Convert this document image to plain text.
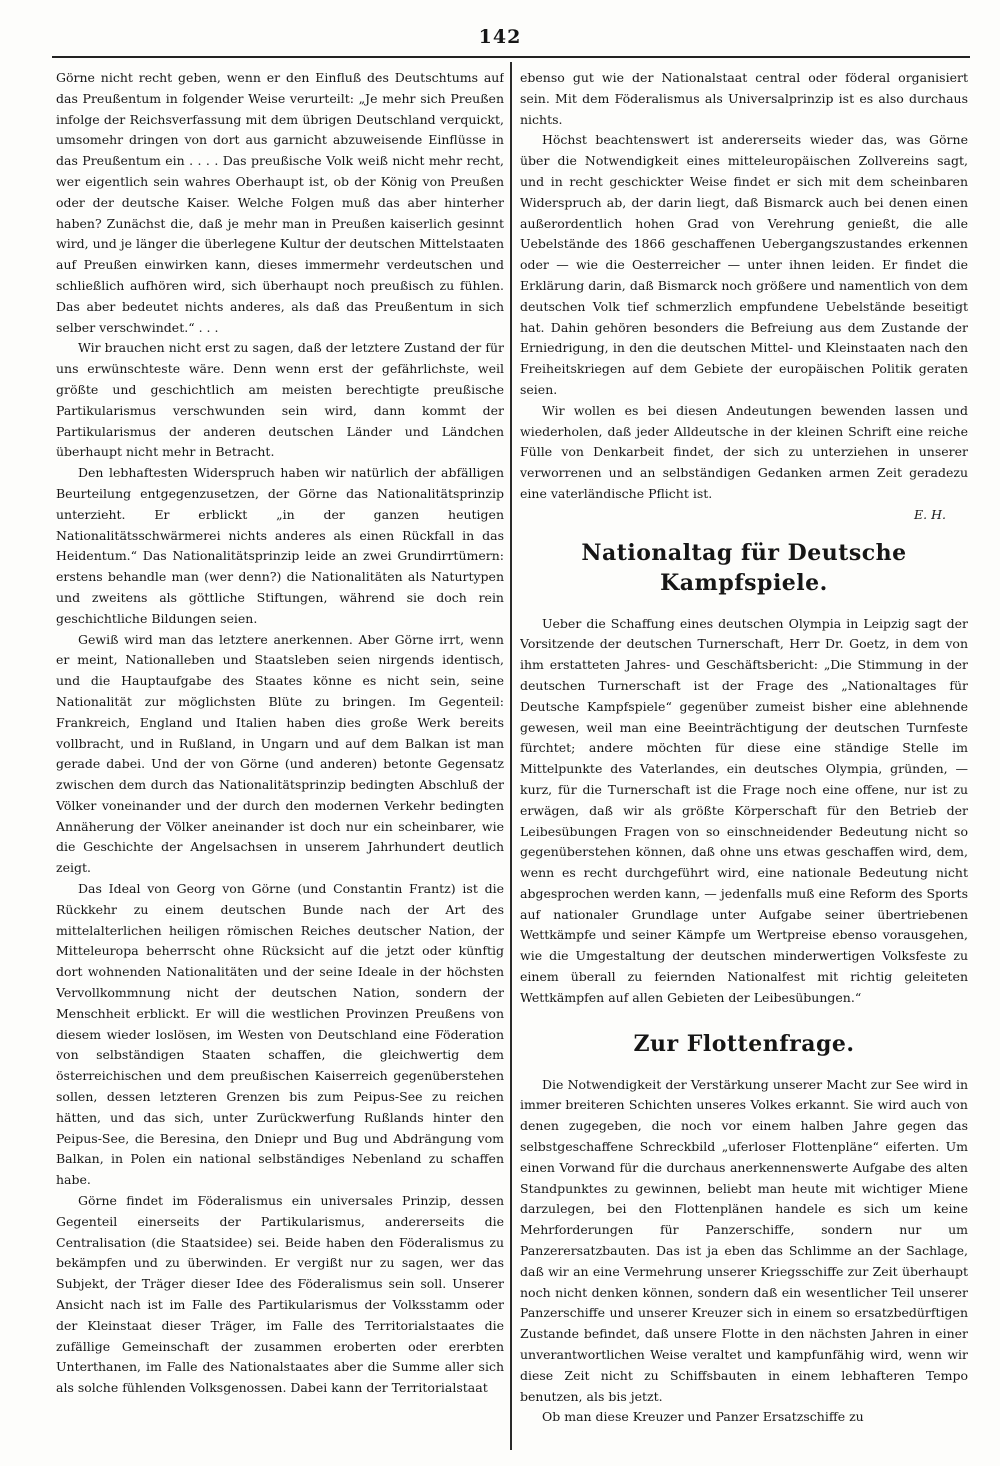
142

Görne nicht recht geben, wenn er den Einfluß des Deutschtums auf das Preußentum in folgender Weise verurteilt: „Je mehr sich Preußen infolge der Reichsverfassung mit dem übrigen Deutschland verquickt, umsomehr dringen von dort aus garnicht abzuweisende Einflüsse in das Preußentum ein . . . . Das preußische Volk weiß nicht mehr recht, wer eigentlich sein wahres Oberhaupt ist, ob der König von Preußen oder der deutsche Kaiser. Welche Folgen muß das aber hinterher haben? Zunächst die, daß je mehr man in Preußen kaiserlich gesinnt wird, und je länger die überlegene Kultur der deutschen Mittelstaaten auf Preußen einwirken kann, dieses immermehr verdeutschen und schließlich aufhören wird, sich überhaupt noch preußisch zu fühlen. Das aber bedeutet nichts anderes, als daß das Preußentum in sich selber verschwindet.“ . . .

Wir brauchen nicht erst zu sagen, daß der letztere Zustand der für uns erwünschteste wäre. Denn wenn erst der gefährlichste, weil größte und geschichtlich am meisten berechtigte preußische Partikularismus verschwunden sein wird, dann kommt der Partikularismus der anderen deutschen Länder und Ländchen überhaupt nicht mehr in Betracht.

Den lebhaftesten Widerspruch haben wir natürlich der abfälligen Beurteilung entgegenzusetzen, der Görne das Nationalitätsprinzip unterzieht. Er erblickt „in der ganzen heutigen Nationalitätsschwärmerei nichts anderes als einen Rückfall in das Heidentum.“ Das Nationalitätsprinzip leide an zwei Grundirrtümern: erstens behandle man (wer denn?) die Nationalitäten als Naturtypen und zweitens als göttliche Stiftungen, während sie doch rein geschichtliche Bildungen seien.

Gewiß wird man das letztere anerkennen. Aber Görne irrt, wenn er meint, Nationalleben und Staatsleben seien nirgends identisch, und die Hauptaufgabe des Staates könne es nicht sein, seine Nationalität zur möglichsten Blüte zu bringen. Im Gegenteil: Frankreich, England und Italien haben dies große Werk bereits vollbracht, und in Rußland, in Ungarn und auf dem Balkan ist man gerade dabei. Und der von Görne (und anderen) betonte Gegensatz zwischen dem durch das Nationalitätsprinzip bedingten Abschluß der Völker voneinander und der durch den modernen Verkehr bedingten Annäherung der Völker aneinander ist doch nur ein scheinbarer, wie die Geschichte der Angelsachsen in unserem Jahrhundert deutlich zeigt.

Das Ideal von Georg von Görne (und Constantin Frantz) ist die Rückkehr zu einem deutschen Bunde nach der Art des mittelalterlichen heiligen römischen Reiches deutscher Nation, der Mitteleuropa beherrscht ohne Rücksicht auf die jetzt oder künftig dort wohnenden Nationalitäten und der seine Ideale in der höchsten Vervollkommnung nicht der deutschen Nation, sondern der Menschheit erblickt. Er will die westlichen Provinzen Preußens von diesem wieder loslösen, im Westen von Deutschland eine Föderation von selbständigen Staaten schaffen, die gleichwertig dem österreichischen und dem preußischen Kaiserreich gegenüberstehen sollen, dessen letzteren Grenzen bis zum Peipus-See zu reichen hätten, und das sich, unter Zurückwerfung Rußlands hinter den Peipus-See, die Beresina, den Dniepr und Bug und Abdrängung vom Balkan, in Polen ein national selbständiges Nebenland zu schaffen habe.

Görne findet im Föderalismus ein universales Prinzip, dessen Gegenteil einerseits der Partikularismus, andererseits die Centralisation (die Staatsidee) sei. Beide haben den Föderalismus zu bekämpfen und zu überwinden. Er vergißt nur zu sagen, wer das Subjekt, der Träger dieser Idee des Föderalismus sein soll. Unserer Ansicht nach ist im Falle des Partikularismus der Volksstamm oder der Kleinstaat dieser Träger, im Falle des Territorialstaates die zufällige Gemeinschaft der zusammen eroberten oder ererbten Unterthanen, im Falle des Nationalstaates aber die Summe aller sich als solche fühlenden Volksgenossen. Dabei kann der Territorialstaat

ebenso gut wie der Nationalstaat central oder föderal organisiert sein. Mit dem Föderalismus als Universalprinzip ist es also durchaus nichts.

Höchst beachtenswert ist andererseits wieder das, was Görne über die Notwendigkeit eines mitteleuropäischen Zollvereins sagt, und in recht geschickter Weise findet er sich mit dem scheinbaren Widerspruch ab, der darin liegt, daß Bismarck auch bei denen einen außerordentlich hohen Grad von Verehrung genießt, die alle Uebelstände des 1866 geschaffenen Uebergangszustandes erkennen oder — wie die Oesterreicher — unter ihnen leiden. Er findet die Erklärung darin, daß Bismarck noch größere und namentlich von dem deutschen Volk tief schmerzlich empfundene Uebelstände beseitigt hat. Dahin gehören besonders die Befreiung aus dem Zustande der Erniedrigung, in den die deutschen Mittel- und Kleinstaaten nach den Freiheitskriegen auf dem Gebiete der europäischen Politik geraten seien.

Wir wollen es bei diesen Andeutungen bewenden lassen und wiederholen, daß jeder Alldeutsche in der kleinen Schrift eine reiche Fülle von Denkarbeit findet, der sich zu unterziehen in unserer verworrenen und an selbständigen Gedanken armen Zeit geradezu eine vaterländische Pflicht ist.

E. H.
Nationaltag für Deutsche Kampfspiele.

Ueber die Schaffung eines deutschen Olympia in Leipzig sagt der Vorsitzende der deutschen Turnerschaft, Herr Dr. Goetz, in dem von ihm erstatteten Jahres- und Geschäftsbericht: „Die Stimmung in der deutschen Turnerschaft ist der Frage des „Nationaltages für Deutsche Kampfspiele“ gegenüber zumeist bisher eine ablehnende gewesen, weil man eine Beeinträchtigung der deutschen Turnfeste fürchtet; andere möchten für diese eine ständige Stelle im Mittelpunkte des Vaterlandes, ein deutsches Olympia, gründen, — kurz, für die Turnerschaft ist die Frage noch eine offene, nur ist zu erwägen, daß wir als größte Körperschaft für den Betrieb der Leibesübungen Fragen von so einschneidender Bedeutung nicht so gegenüberstehen können, daß ohne uns etwas geschaffen wird, dem, wenn es recht durchgeführt wird, eine nationale Bedeutung nicht abgesprochen werden kann, — jedenfalls muß eine Reform des Sports auf nationaler Grundlage unter Aufgabe seiner übertriebenen Wettkämpfe und seiner Kämpfe um Wertpreise ebenso vorausgehen, wie die Umgestaltung der deutschen minderwertigen Volksfeste zu einem überall zu feiernden Nationalfest mit richtig geleiteten Wettkämpfen auf allen Gebieten der Leibesübungen.“

Zur Flottenfrage.

Die Notwendigkeit der Verstärkung unserer Macht zur See wird in immer breiteren Schichten unseres Volkes erkannt. Sie wird auch von denen zugegeben, die noch vor einem halben Jahre gegen das selbstgeschaffene Schreckbild „uferloser Flottenpläne“ eiferten. Um einen Vorwand für die durchaus anerkennenswerte Aufgabe des alten Standpunktes zu gewinnen, beliebt man heute mit wichtiger Miene darzulegen, bei den Flottenplänen handele es sich um keine Mehrforderungen für Panzerschiffe, sondern nur um Panzerersatzbauten. Das ist ja eben das Schlimme an der Sachlage, daß wir an eine Vermehrung unserer Kriegsschiffe zur Zeit überhaupt noch nicht denken können, sondern daß ein wesentlicher Teil unserer Panzerschiffe und unserer Kreuzer sich in einem so ersatzbedürftigen Zustande befindet, daß unsere Flotte in den nächsten Jahren in einer unverantwortlichen Weise veraltet und kampfunfähig wird, wenn wir diese Zeit nicht zu Schiffsbauten in einem lebhafteren Tempo benutzen, als bis jetzt.

Ob man diese Kreuzer und Panzer Ersatzschiffe zu
